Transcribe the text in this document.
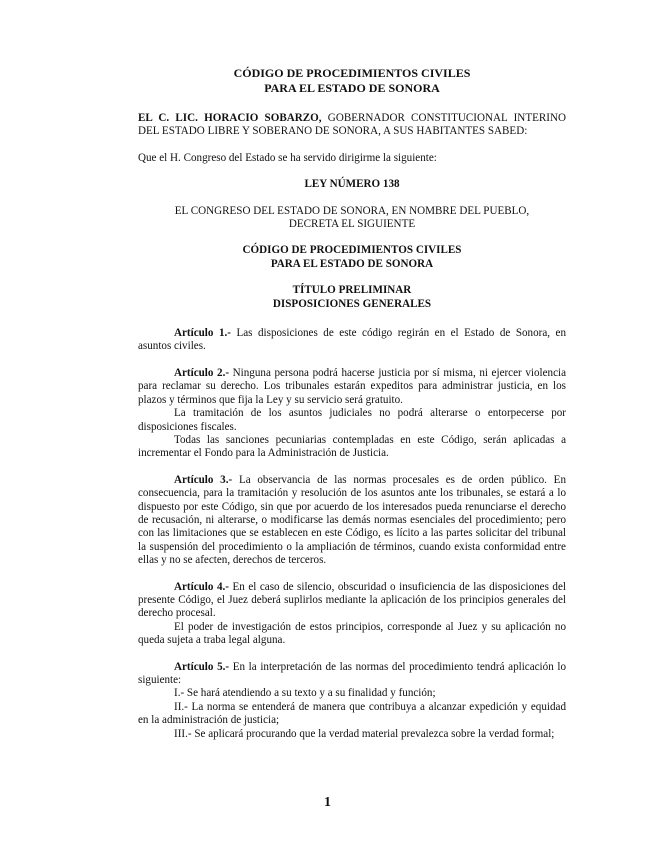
CÓDIGO DE PROCEDIMIENTOS CIVILES

PARA EL ESTADO DE SONORA

EL C. LIC. HORACIO SOBARZO, GOBERNADOR CONSTITUCIONAL INTERINO DEL ESTADO LIBRE Y SOBERANO DE SONORA, A SUS HABITANTES SABED:

Que el H. Congreso del Estado se ha servido dirigirme la siguiente:

LEY NÚMERO 138

EL CONGRESO DEL ESTADO DE SONORA, EN NOMBRE DEL PUEBLO,

DECRETA EL SIGUIENTE

CÓDIGO DE PROCEDIMIENTOS CIVILES

PARA EL ESTADO DE SONORA

TÍTULO PRELIMINAR

DISPOSICIONES GENERALES

Artículo 1.- Las disposiciones de este código regirán en el Estado de Sonora, en asuntos civiles.

Artículo 2.- Ninguna persona podrá hacerse justicia por sí misma, ni ejercer violencia para reclamar su derecho. Los tribunales estarán expeditos para administrar justicia, en los plazos y términos que fija la Ley y su servicio será gratuito.

La tramitación de los asuntos judiciales no podrá alterarse o entorpecerse por disposiciones fiscales.

Todas las sanciones pecuniarias contempladas en este Código, serán aplicadas a incrementar el Fondo para la Administración de Justicia.

Artículo 3.- La observancia de las normas procesales es de orden público. En consecuencia, para la tramitación y resolución de los asuntos ante los tribunales, se estará a lo dispuesto por este Código, sin que por acuerdo de los interesados pueda renunciarse el derecho de recusación, ni alterarse, o modificarse las demás normas esenciales del procedimiento; pero con las limitaciones que se establecen en este Código, es lícito a las partes solicitar del tribunal la suspensión del procedimiento o la ampliación de términos, cuando exista conformidad entre ellas y no se afecten, derechos de terceros.

Artículo 4.- En el caso de silencio, obscuridad o insuficiencia de las disposiciones del presente Código, el Juez deberá suplirlos mediante la aplicación de los principios generales del derecho procesal.

El poder de investigación de estos principios, corresponde al Juez y su aplicación no queda sujeta a traba legal alguna.

Artículo 5.- En la interpretación de las normas del procedimiento tendrá aplicación lo siguiente:

I.- Se hará atendiendo a su texto y a su finalidad y función;

II.- La norma se entenderá de manera que contribuya a alcanzar expedición y equidad en la administración de justicia;

III.- Se aplicará procurando que la verdad material prevalezca sobre la verdad formal;

1
